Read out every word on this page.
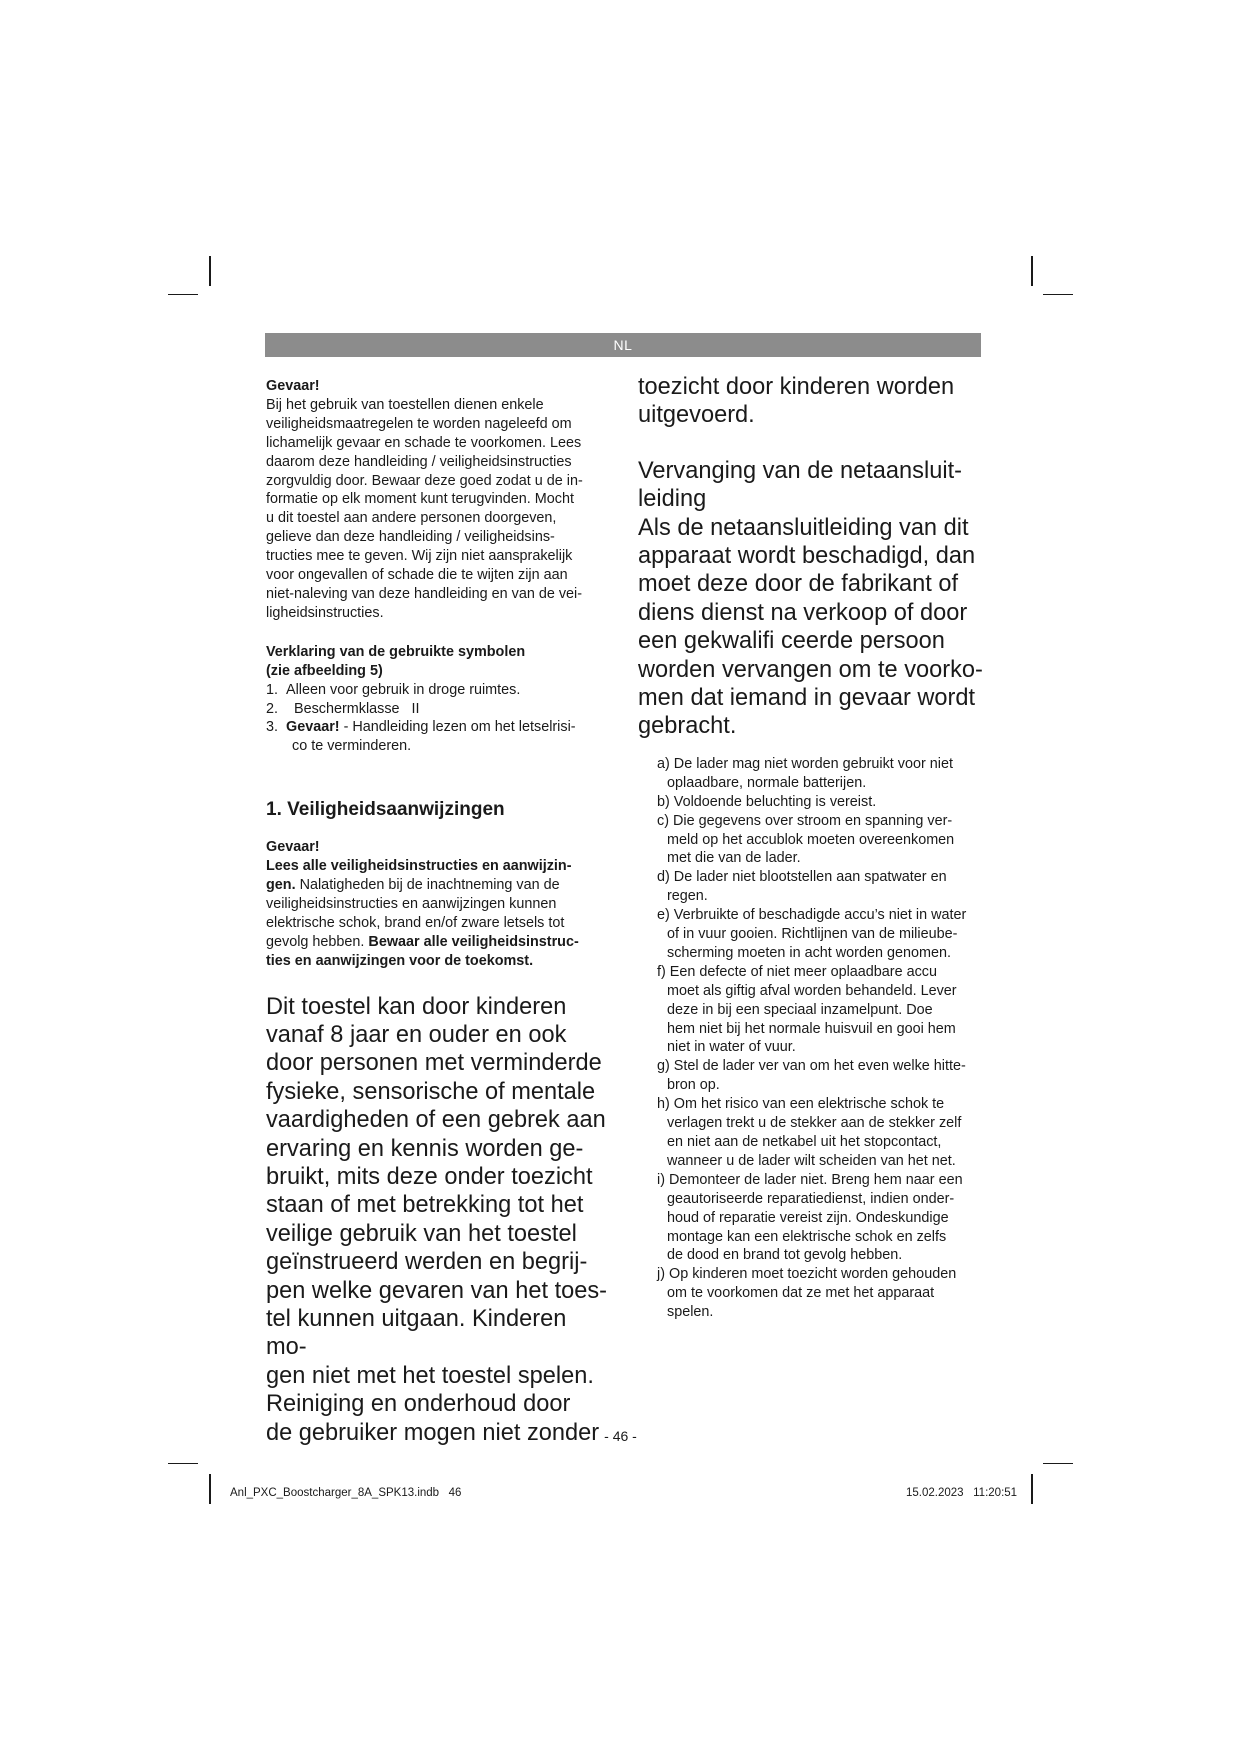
NL

Gevaar!

Bij het gebruik van toestellen dienen enkele

veiligheidsmaatregelen te worden nageleefd om

lichamelijk gevaar en schade te voorkomen. Lees

daarom deze handleiding / veiligheidsinstructies

zorgvuldig door. Bewaar deze goed zodat u de in-

formatie op elk moment kunt terugvinden. Mocht

u dit toestel aan andere personen doorgeven,

gelieve dan deze handleiding / veiligheidsins-

tructies mee te geven. Wij zijn niet aansprakelijk

voor ongevallen of schade die te wijten zijn aan

niet-naleving van deze handleiding en van de vei-

ligheidsinstructies.

Verklaring van de gebruikte symbolen

(zie afbeelding 5)

1. Alleen voor gebruik in droge ruimtes.
2. Beschermklasse   II
3. Gevaar! - Handleiding lezen om het letselrisi-
co te verminderen.

1. Veiligheidsaanwijzingen

Gevaar!

Lees alle veiligheidsinstructies en aanwijzin-

gen. Nalatigheden bij de inachtneming van de

veiligheidsinstructies en aanwijzingen kunnen

elektrische schok, brand en/of zware letsels tot

gevolg hebben. Bewaar alle veiligheidsinstruc-

ties en aanwijzingen voor de toekomst.

Dit toestel kan door kinderen

vanaf 8 jaar en ouder en ook

door personen met verminderde

fysieke, sensorische of mentale

vaardigheden of een gebrek aan

ervaring en kennis worden ge-

bruikt, mits deze onder toezicht

staan of met betrekking tot het

veilige gebruik van het toestel

geïnstrueerd werden en begrij-

pen welke gevaren van het toes-

tel kunnen uitgaan. Kinderen mo-

gen niet met het toestel spelen.

Reiniging en onderhoud door

de gebruiker mogen niet zonder

toezicht door kinderen worden

uitgevoerd.

Vervanging van de netaansluit-

leiding

Als de netaansluitleiding van dit

apparaat wordt beschadigd, dan

moet deze door de fabrikant of

diens dienst na verkoop of door

een gekwalifi ceerde persoon

worden vervangen om te voorko-

men dat iemand in gevaar wordt

gebracht.

a) De lader mag niet worden gebruikt voor niet
oplaadbare, normale batterijen.
b) Voldoende beluchting is vereist.
c) Die gegevens over stroom en spanning ver-
meld op het accublok moeten overeenkomen
met die van de lader.
d) De lader niet blootstellen aan spatwater en
regen.
e) Verbruikte of beschadigde accu’s niet in water
of in vuur gooien. Richtlijnen van de milieube-
scherming moeten in acht worden genomen.
f) Een defecte of niet meer oplaadbare accu
moet als giftig afval worden behandeld. Lever
deze in bij een speciaal inzamelpunt. Doe
hem niet bij het normale huisvuil en gooi hem
niet in water of vuur.
g) Stel de lader ver van om het even welke hitte-
bron op.
h) Om het risico van een elektrische schok te
verlagen trekt u de stekker aan de stekker zelf
en niet aan de netkabel uit het stopcontact,
wanneer u de lader wilt scheiden van het net.
i) Demonteer de lader niet. Breng hem naar een
geautoriseerde reparatiedienst, indien onder-
houd of reparatie vereist zijn. Ondeskundige
montage kan een elektrische schok en zelfs
de dood en brand tot gevolg hebben.
j) Op kinderen moet toezicht worden gehouden
om te voorkomen dat ze met het apparaat
spelen.
- 46 -
Anl_PXC_Boostcharger_8A_SPK13.indb   46	15.02.2023   11:20:51
